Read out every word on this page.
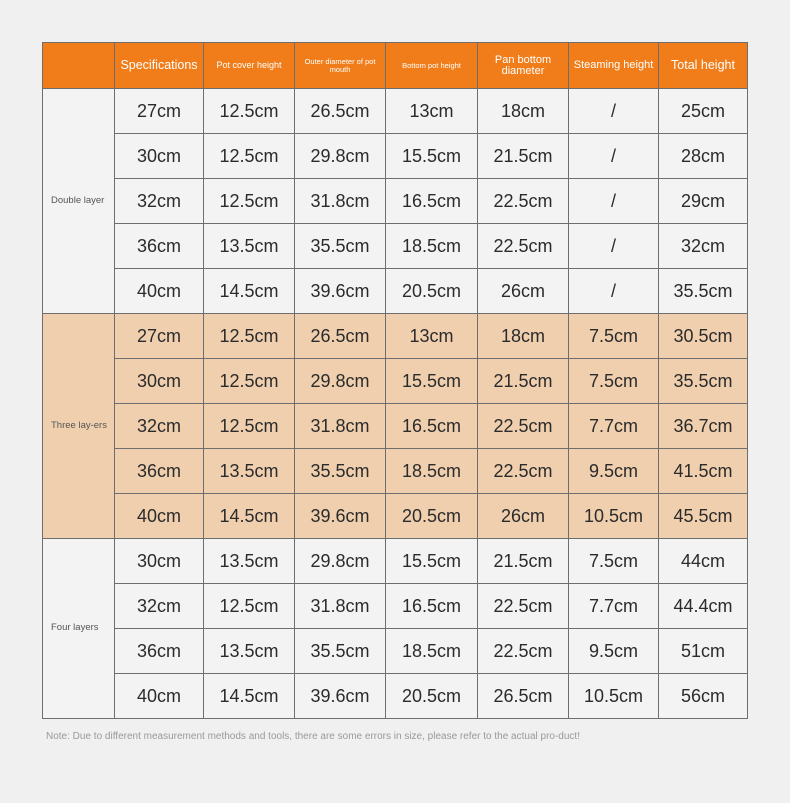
	Specifications	Pot cover height	Outer diameter of pot mouth	Bottom pot height	Pan bottom diameter	Steaming height	Total height
Double layer	27cm	12.5cm	26.5cm	13cm	18cm	/	25cm
	30cm	12.5cm	29.8cm	15.5cm	21.5cm	/	28cm
	32cm	12.5cm	31.8cm	16.5cm	22.5cm	/	29cm
	36cm	13.5cm	35.5cm	18.5cm	22.5cm	/	32cm
	40cm	14.5cm	39.6cm	20.5cm	26cm	/	35.5cm
Three lay-ers	27cm	12.5cm	26.5cm	13cm	18cm	7.5cm	30.5cm
	30cm	12.5cm	29.8cm	15.5cm	21.5cm	7.5cm	35.5cm
	32cm	12.5cm	31.8cm	16.5cm	22.5cm	7.7cm	36.7cm
	36cm	13.5cm	35.5cm	18.5cm	22.5cm	9.5cm	41.5cm
	40cm	14.5cm	39.6cm	20.5cm	26cm	10.5cm	45.5cm
Four layers	30cm	13.5cm	29.8cm	15.5cm	21.5cm	7.5cm	44cm
	32cm	12.5cm	31.8cm	16.5cm	22.5cm	7.7cm	44.4cm
	36cm	13.5cm	35.5cm	18.5cm	22.5cm	9.5cm	51cm
	40cm	14.5cm	39.6cm	20.5cm	26.5cm	10.5cm	56cm
Note: Due to different measurement methods and tools, there are some errors in size, please refer to the actual pro-duct!
